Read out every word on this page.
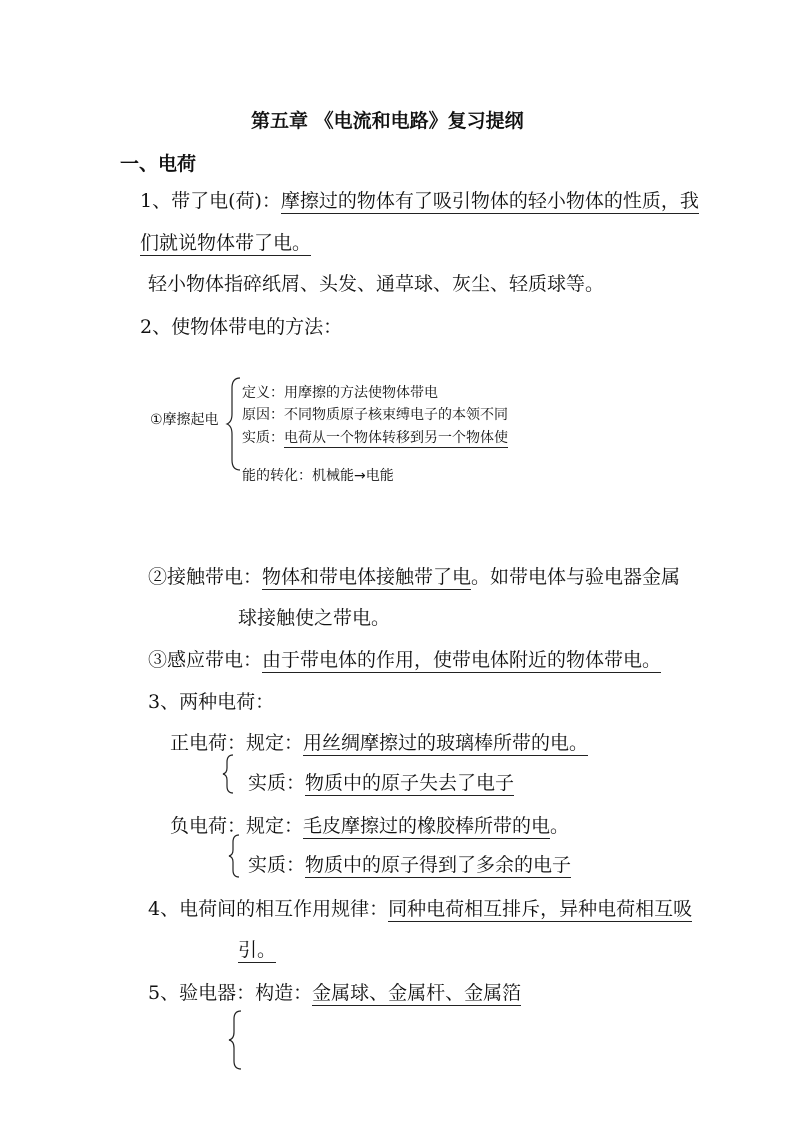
第五章 《电流和电路》复习提纲
一、电荷
1、带了电(荷)：摩擦过的物体有了吸引物体的轻小物体的性质，我
们就说物体带了电。
轻小物体指碎纸屑、头发、通草球、灰尘、轻质球等。
2、使物体带电的方法：
①摩擦起电
定义：用摩擦的方法使物体带电
原因：不同物质原子核束缚电子的本领不同
实质：电荷从一个物体转移到另一个物体使
能的转化：机械能→电能
②接触带电：物体和带电体接触带了电。如带电体与验电器金属
球接触使之带电。
③感应带电：由于带电体的作用，使带电体附近的物体带电。
3、两种电荷：
正电荷：规定：用丝绸摩擦过的玻璃棒所带的电。
实质：物质中的原子失去了电子
负电荷：规定：毛皮摩擦过的橡胶棒所带的电。
实质：物质中的原子得到了多余的电子
4、电荷间的相互作用规律：同种电荷相互排斥，异种电荷相互吸
引。
5、验电器：构造：金属球、金属杆、金属箔
